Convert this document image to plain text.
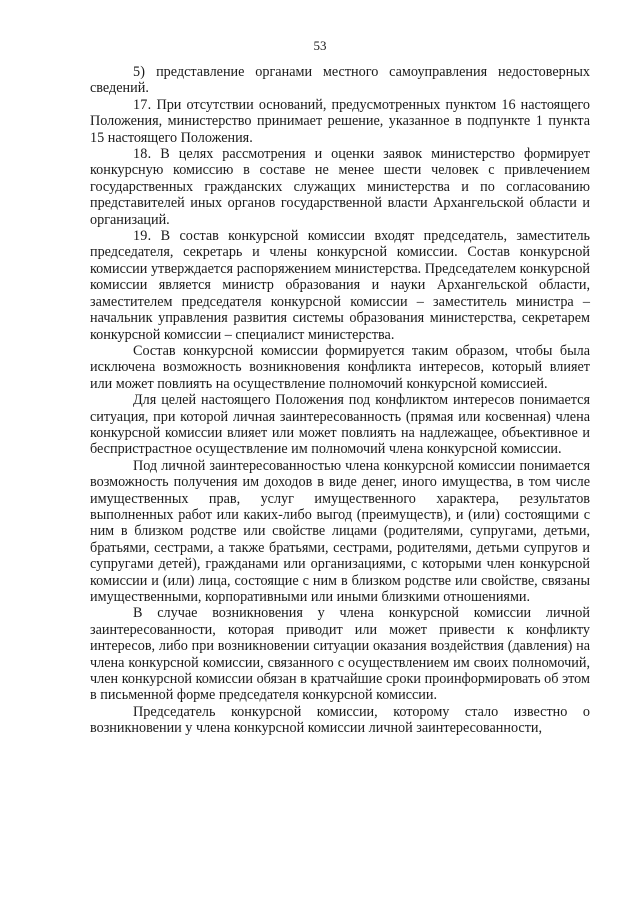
53

5) представление органами местного самоуправления недостоверных сведений.

17. При отсутствии оснований, предусмотренных пунктом 16 настоящего Положения, министерство принимает решение, указанное в подпункте 1 пункта 15 настоящего Положения.

18. В целях рассмотрения и оценки заявок министерство формирует конкурсную комиссию в составе не менее шести человек с привлечением государственных гражданских служащих министерства и по согласованию представителей иных органов государственной власти Архангельской области и организаций.

19. В состав конкурсной комиссии входят председатель, заместитель председателя, секретарь и члены конкурсной комиссии. Состав конкурсной комиссии утверждается распоряжением министерства. Председателем конкурсной комиссии является министр образования и науки Архангельской области, заместителем председателя конкурсной комиссии – заместитель министра – начальник управления развития системы образования министерства, секретарем конкурсной комиссии – специалист министерства.

Состав конкурсной комиссии формируется таким образом, чтобы была исключена возможность возникновения конфликта интересов, который влияет или может повлиять на осуществление полномочий конкурсной комиссией.

Для целей настоящего Положения под конфликтом интересов понимается ситуация, при которой личная заинтересованность (прямая или косвенная) члена конкурсной комиссии влияет или может повлиять на надлежащее, объективное и беспристрастное осуществление им полномочий члена конкурсной комиссии.

Под личной заинтересованностью члена конкурсной комиссии понимается возможность получения им доходов в виде денег, иного имущества, в том числе имущественных прав, услуг имущественного характера, результатов выполненных работ или каких-либо выгод (преимуществ), и (или) состоящими с ним в близком родстве или свойстве лицами (родителями, супругами, детьми, братьями, сестрами, а также братьями, сестрами, родителями, детьми супругов и супругами детей), гражданами или организациями, с которыми член конкурсной комиссии и (или) лица, состоящие с ним в близком родстве или свойстве, связаны имущественными, корпоративными или иными близкими отношениями.

В случае возникновения у члена конкурсной комиссии личной заинтересованности, которая приводит или может привести к конфликту интересов, либо при возникновении ситуации оказания воздействия (давления) на члена конкурсной комиссии, связанного с осуществлением им своих полномочий, член конкурсной комиссии обязан в кратчайшие сроки проинформировать об этом в письменной форме председателя конкурсной комиссии.

Председатель конкурсной комиссии, которому стало известно о возникновении у члена конкурсной комиссии личной заинтересованности,
